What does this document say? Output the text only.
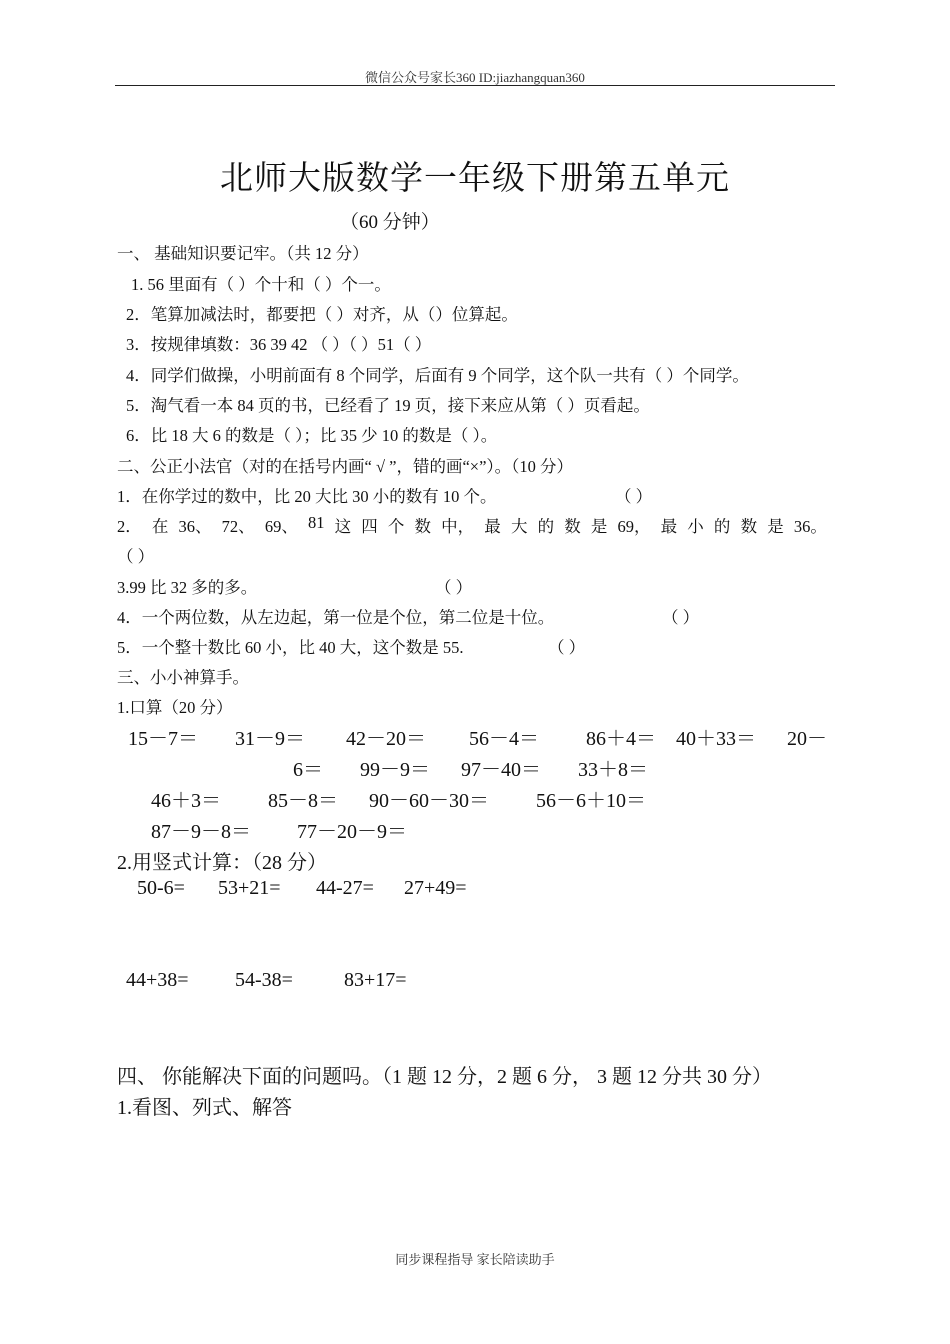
微信公众号家长360 ID:jiazhangquan360
北师大版数学一年级下册第五单元
（60 分钟）
一、 基础知识要记牢。（共 12 分）
1. 56 里面有（ ）个十和（ ）个一。
2．笔算加减法时，都要把（ ）对齐，从（）位算起。
3．按规律填数：36 39 42 （ ）（ ）51（ ）
4．同学们做操，小明前面有 8 个同学，后面有 9 个同学，这个队一共有（ ）个同学。
5．淘气看一本 84 页的书，已经看了 19 页，接下来应从第（ ）页看起。
6．比 18 大 6 的数是（ ）；比 35 少 10 的数是（ ）。
二、公正小法官（对的在括号内画“ √ ”，错的画“×”）。（10 分）
1．在你学过的数中，比 20 大比 30 小的数有 10 个。	（ ）
2． 在 36、 72、 69、 81 这 四 个 数 中， 最 大 的 数 是 69， 最 小 的 数 是 36。
（ ）
3.99 比 32 多的多。	（ ）
4．一个两位数，从左边起，第一位是个位，第二位是十位。	（ ）
5．一个整十数比 60 小，比 40 大，这个数是 55.	（ ）
三、小小神算手。
1.口算（20 分）
15－7＝ 31－9＝ 42－20＝ 56－4＝ 86＋4＝ 40＋33＝ 20－
6＝ 99－9＝ 97－40＝ 33＋8＝
46＋3＝ 85－8＝ 90－60－30＝ 56－6＋10＝
87－9－8＝ 77－20－9＝
2.用竖式计算：（28 分）
50-6= 53+21= 44-27= 27+49=
44+38= 54-38=	83+17=
四、 你能解决下面的问题吗。（1 题 12 分，2 题 6 分， 3 题 12 分共 30 分）
1.看图、列式、解答
同步课程指导 家长陪读助手
